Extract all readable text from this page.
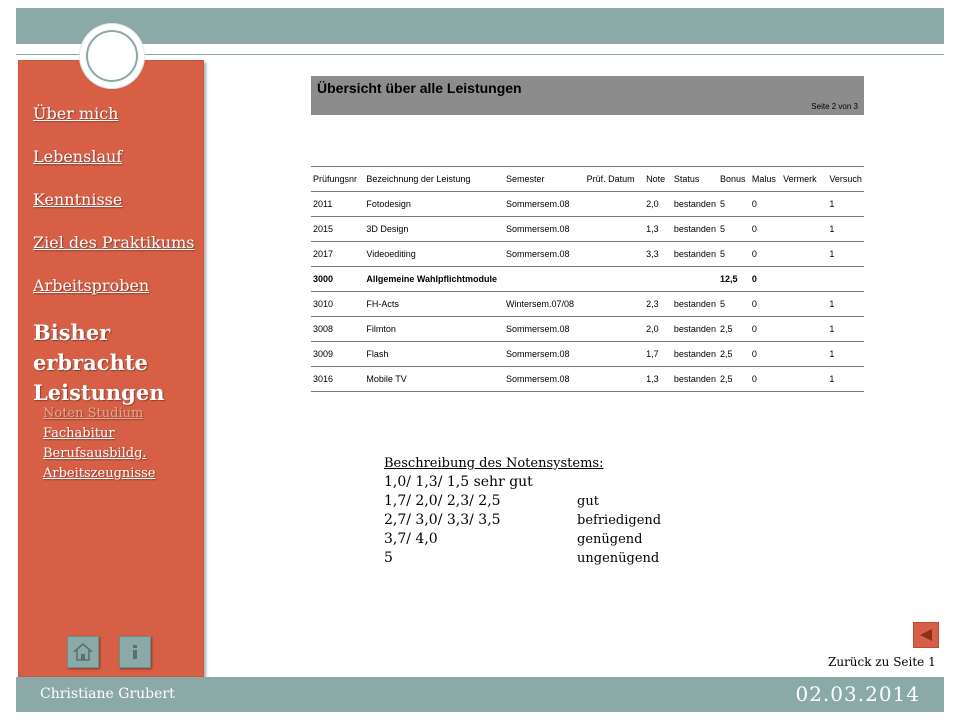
Über mich
Lebenslauf
Kenntnisse
Ziel des Praktikums
Arbeitsproben
Bisher erbrachte Leistungen
Noten Studium
Fachabitur
Berufsausbildg.
Arbeitszeugnisse
Übersicht über alle Leistungen
Seite 2 von 3
Prüfungsnr	Bezeichnung der Leistung	Semester	Prüf. Datum	Note	Status	Bonus	Malus	Vermerk	Versuch
2011	Fotodesign	Sommersem.08		2,0	bestanden	5	0		1
2015	3D Design	Sommersem.08		1,3	bestanden	5	0		1
2017	Videoediting	Sommersem.08		3,3	bestanden	5	0		1
3000	Allgemeine Wahlpflichtmodule					12,5	0		
3010	FH-Acts	Wintersem.07/08		2,3	bestanden	5	0		1
3008	Filmton	Sommersem.08		2,0	bestanden	2,5	0		1
3009	Flash	Sommersem.08		1,7	bestanden	2,5	0		1
3016	Mobile TV	Sommersem.08		1,3	bestanden	2,5	0		1
Beschreibung des Notensystems:
1,0/ 1,3/ 1,5 sehr gut
1,7/ 2,0/ 2,3/ 2,5	gut
2,7/ 3,0/ 3,3/ 3,5	befriedigend
3,7/ 4,0	genügend
5	ungenügend
Zurück zu Seite 1
Christiane Grubert	02.03.2014
